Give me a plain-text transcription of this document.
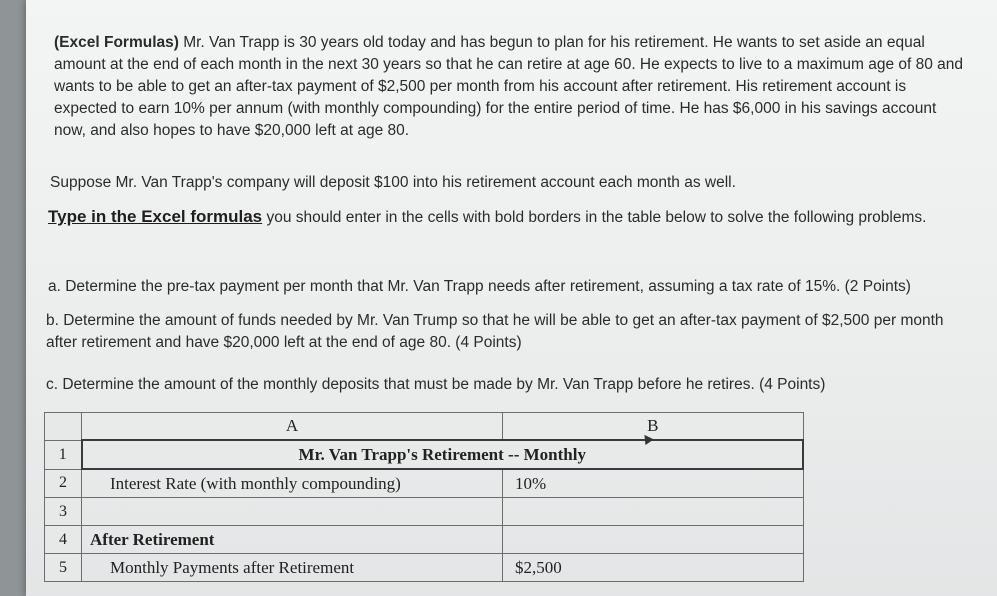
(Excel Formulas) Mr. Van Trapp is 30 years old today and has begun to plan for his retirement. He wants to set aside an equal amount at the end of each month in the next 30 years so that he can retire at age 60. He expects to live to a maximum age of 80 and wants to be able to get an after-tax payment of $2,500 per month from his account after retirement. His retirement account is expected to earn 10% per annum (with monthly compounding) for the entire period of time. He has $6,000 in his savings account now, and also hopes to have $20,000 left at age 80.

Suppose Mr. Van Trapp's company will deposit $100 into his retirement account each month as well.

Type in the Excel formulas you should enter in the cells with bold borders in the table below to solve the following problems.

a. Determine the pre-tax payment per month that Mr. Van Trapp needs after retirement, assuming a tax rate of 15%. (2 Points)

b. Determine the amount of funds needed by Mr. Van Trump so that he will be able to get an after-tax payment of $2,500 per month after retirement and have $20,000 left at the end of age 80. (4 Points)

c. Determine the amount of the monthly deposits that must be made by Mr. Van Trapp before he retires. (4 Points)

	A	B
1	Mr. Van Trapp's Retirement -- Monthly	
2	Interest Rate (with monthly compounding)	10%
3		
4	After Retirement	
5	Monthly Payments after Retirement	$2,500
